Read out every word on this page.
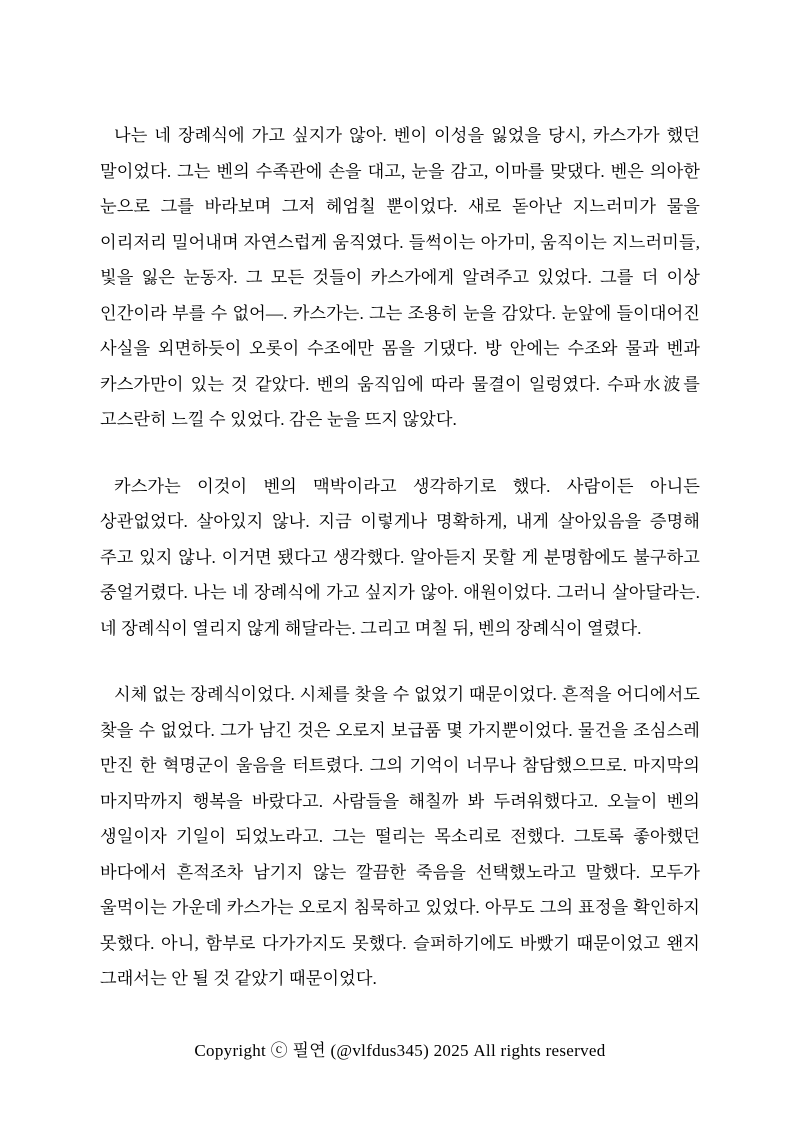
나는 네 장례식에 가고 싶지가 않아. 벤이 이성을 잃었을 당시, 카스가가 했던 말이었다. 그는 벤의 수족관에 손을 대고, 눈을 감고, 이마를 맞댔다. 벤은 의아한 눈으로 그를 바라보며 그저 헤엄칠 뿐이었다. 새로 돋아난 지느러미가 물을 이리저리 밀어내며 자연스럽게 움직였다. 들썩이는 아가미, 움직이는 지느러미들, 빛을 잃은 눈동자. 그 모든 것들이 카스가에게 알려주고 있었다. 그를 더 이상 인간이라 부를 수 없어―. 카스가는. 그는 조용히 눈을 감았다. 눈앞에 들이대어진 사실을 외면하듯이 오롯이 수조에만 몸을 기댔다. 방 안에는 수조와 물과 벤과 카스가만이 있는 것 같았다. 벤의 움직임에 따라 물결이 일렁였다. 수파水波를 고스란히 느낄 수 있었다. 감은 눈을 뜨지 않았다.

카스가는 이것이 벤의 맥박이라고 생각하기로 했다. 사람이든 아니든 상관없었다. 살아있지 않나. 지금 이렇게나 명확하게, 내게 살아있음을 증명해 주고 있지 않나. 이거면 됐다고 생각했다. 알아듣지 못할 게 분명함에도 불구하고 중얼거렸다. 나는 네 장례식에 가고 싶지가 않아. 애원이었다. 그러니 살아달라는. 네 장례식이 열리지 않게 해달라는. 그리고 며칠 뒤, 벤의 장례식이 열렸다.

시체 없는 장례식이었다. 시체를 찾을 수 없었기 때문이었다. 흔적을 어디에서도 찾을 수 없었다. 그가 남긴 것은 오로지 보급품 몇 가지뿐이었다. 물건을 조심스레 만진 한 혁명군이 울음을 터트렸다. 그의 기억이 너무나 참담했으므로. 마지막의 마지막까지 행복을 바랐다고. 사람들을 해칠까 봐 두려워했다고. 오늘이 벤의 생일이자 기일이 되었노라고. 그는 떨리는 목소리로 전했다. 그토록 좋아했던 바다에서 흔적조차 남기지 않는 깔끔한 죽음을 선택했노라고 말했다. 모두가 울먹이는 가운데 카스가는 오로지 침묵하고 있었다. 아무도 그의 표정을 확인하지 못했다. 아니, 함부로 다가가지도 못했다. 슬퍼하기에도 바빴기 때문이었고 왠지 그래서는 안 될 것 같았기 때문이었다.

Copyright ⓒ 필연 (@vlfdus345) 2025 All rights reserved
